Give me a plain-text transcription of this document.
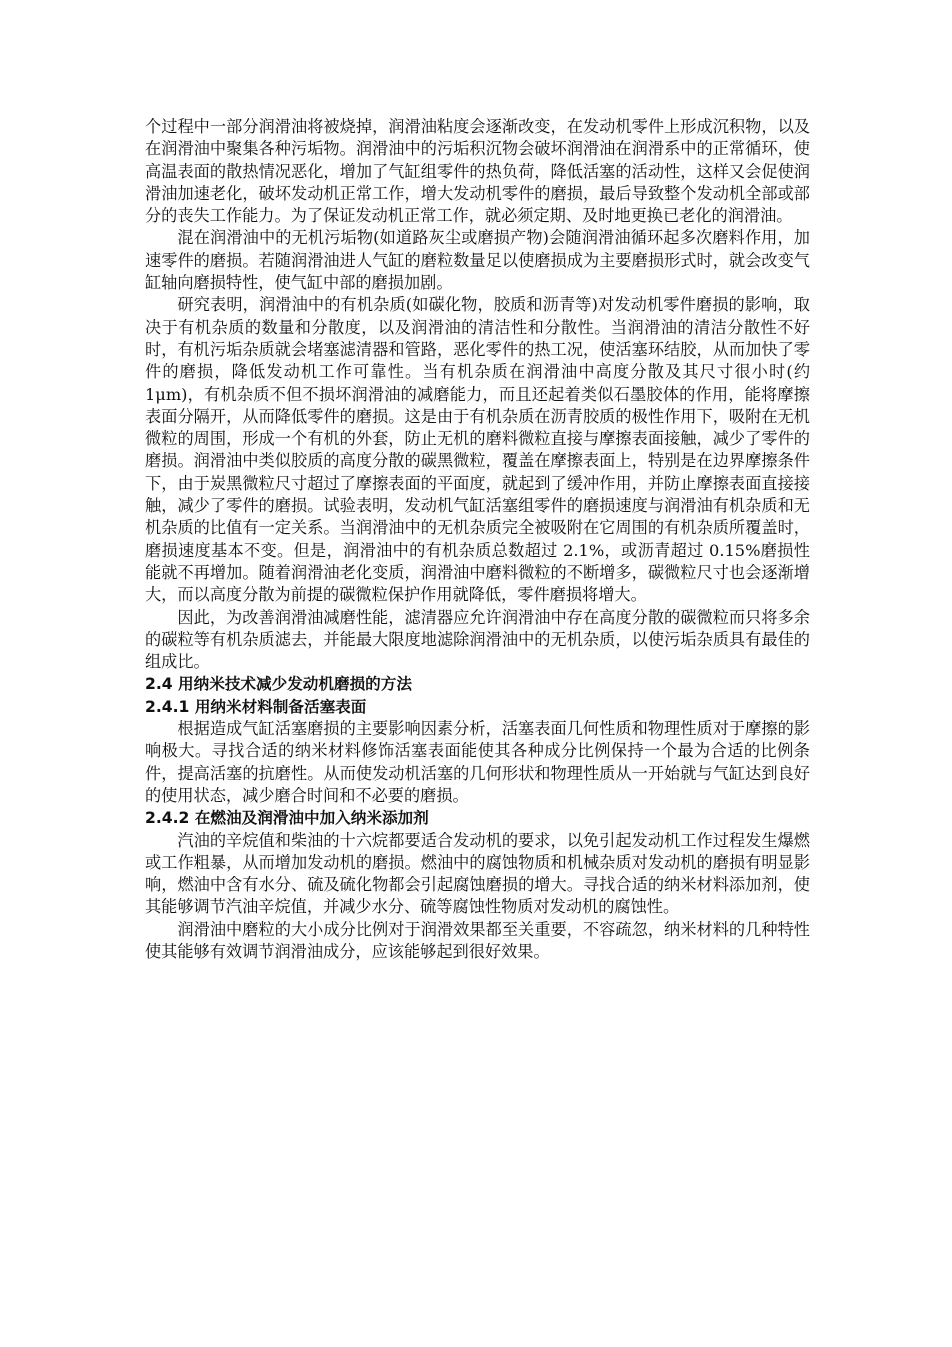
个过程中一部分润滑油将被烧掉，润滑油粘度会逐渐改变，在发动机零件上形成沉积物，以及在润滑油中聚集各种污垢物。润滑油中的污垢积沉物会破坏润滑油在润滑系中的正常循环，使高温表面的散热情况恶化，增加了气缸组零件的热负荷，降低活塞的活动性，这样又会促使润滑油加速老化，破坏发动机正常工作，增大发动机零件的磨损，最后导致整个发动机全部或部分的丧失工作能力。为了保证发动机正常工作，就必须定期、及时地更换已老化的润滑油。

混在润滑油中的无机污垢物(如道路灰尘或磨损产物)会随润滑油循环起多次磨料作用，加速零件的磨损。若随润滑油进人气缸的磨粒数量足以使磨损成为主要磨损形式时，就会改变气缸轴向磨损特性，使气缸中部的磨损加剧。

研究表明，润滑油中的有机杂质(如碳化物，胶质和沥青等)对发动机零件磨损的影响，取决于有机杂质的数量和分散度，以及润滑油的清洁性和分散性。当润滑油的清洁分散性不好时，有机污垢杂质就会堵塞滤清器和管路，恶化零件的热工况，使活塞环结胶，从而加快了零件的磨损，降低发动机工作可靠性。当有机杂质在润滑油中高度分散及其尺寸很小时(约 1μm)，有机杂质不但不损坏润滑油的减磨能力，而且还起着类似石墨胶体的作用，能将摩擦表面分隔开，从而降低零件的磨损。这是由于有机杂质在沥青胶质的极性作用下，吸附在无机微粒的周围，形成一个有机的外套，防止无机的磨料微粒直接与摩擦表面接触，减少了零件的磨损。润滑油中类似胶质的高度分散的碳黑微粒，覆盖在摩擦表面上，特别是在边界摩擦条件下，由于炭黑微粒尺寸超过了摩擦表面的平面度，就起到了缓冲作用，并防止摩擦表面直接接触，减少了零件的磨损。试验表明，发动机气缸活塞组零件的磨损速度与润滑油有机杂质和无机杂质的比值有一定关系。当润滑油中的无机杂质完全被吸附在它周围的有机杂质所覆盖时，磨损速度基本不变。但是，润滑油中的有机杂质总数超过 2.1%，或沥青超过 0.15%磨损性能就不再增加。随着润滑油老化变质，润滑油中磨料微粒的不断增多，碳微粒尺寸也会逐渐增大，而以高度分散为前提的碳微粒保护作用就降低，零件磨损将增大。

因此，为改善润滑油减磨性能，滤清器应允许润滑油中存在高度分散的碳微粒而只将多余的碳粒等有机杂质滤去，并能最大限度地滤除润滑油中的无机杂质，以使污垢杂质具有最佳的组成比。

2.4 用纳米技术减少发动机磨损的方法
2.4.1 用纳米材料制备活塞表面

根据造成气缸活塞磨损的主要影响因素分析，活塞表面几何性质和物理性质对于摩擦的影响极大。寻找合适的纳米材料修饰活塞表面能使其各种成分比例保持一个最为合适的比例条件，提高活塞的抗磨性。从而使发动机活塞的几何形状和物理性质从一开始就与气缸达到良好的使用状态，减少磨合时间和不必要的磨损。

2.4.2 在燃油及润滑油中加入纳米添加剂

汽油的辛烷值和柴油的十六烷都要适合发动机的要求，以免引起发动机工作过程发生爆燃或工作粗暴，从而增加发动机的磨损。燃油中的腐蚀物质和机械杂质对发动机的磨损有明显影响，燃油中含有水分、硫及硫化物都会引起腐蚀磨损的增大。寻找合适的纳米材料添加剂，使其能够调节汽油辛烷值，并减少水分、硫等腐蚀性物质对发动机的腐蚀性。

润滑油中磨粒的大小成分比例对于润滑效果都至关重要，不容疏忽，纳米材料的几种特性使其能够有效调节润滑油成分，应该能够起到很好效果。
